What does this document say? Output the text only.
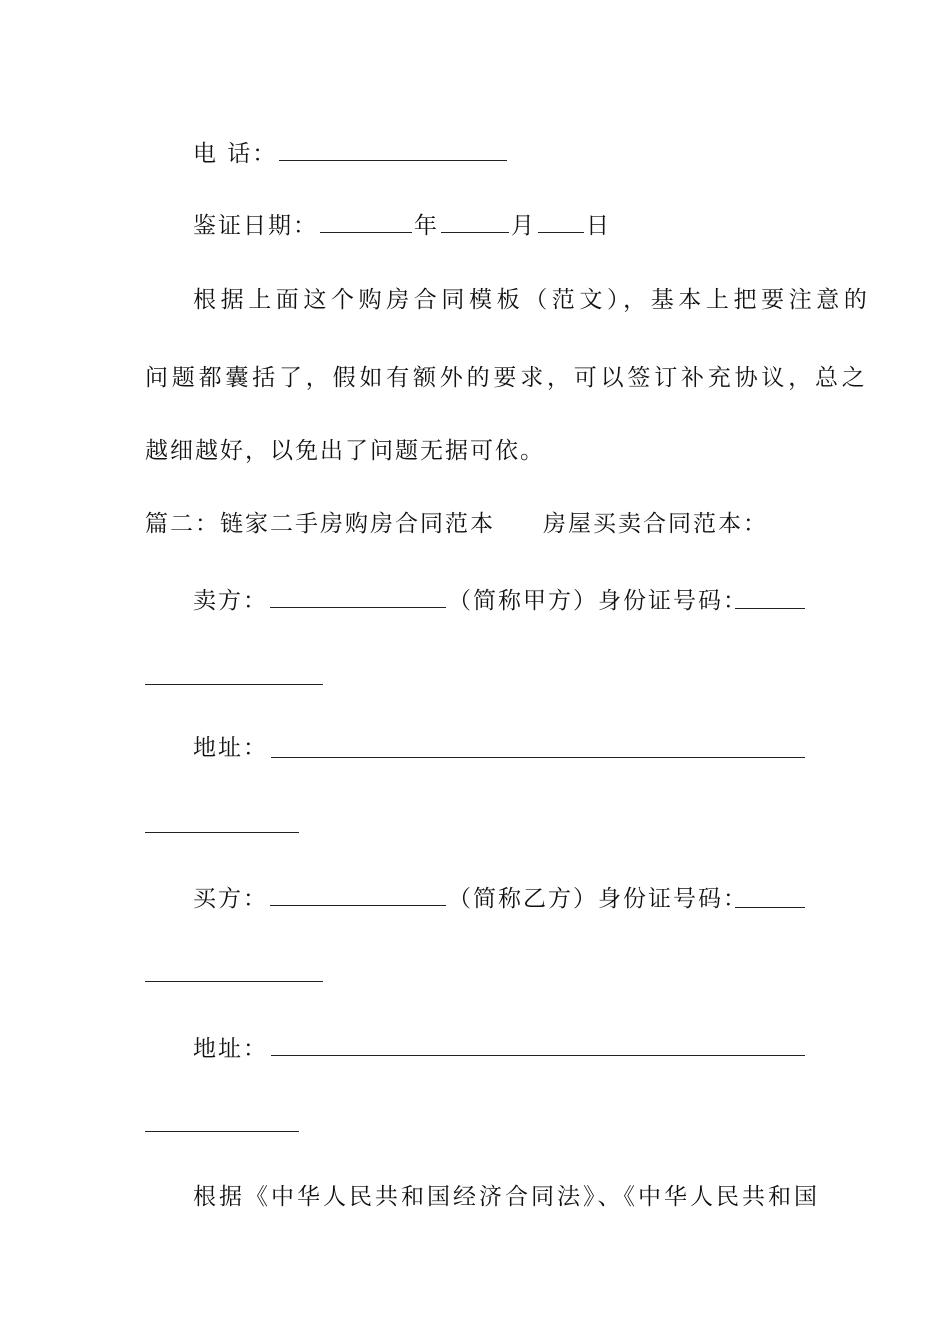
电 话：
鉴证日期：	年	月 日
根据上面这个购房合同模板（范文），基本上把要注意的
问题都囊括了，假如有额外的要求，可以签订补充协议，总之
越细越好，以免出了问题无据可依。
篇二：链家二手房购房合同范本 房屋买卖合同范本：
卖方：	（简称甲方）身份证号码：
地址：
买方：	（简称乙方）身份证号码：
地址：
根据《中华人民共和国经济合同法》、《中华人民共和国
